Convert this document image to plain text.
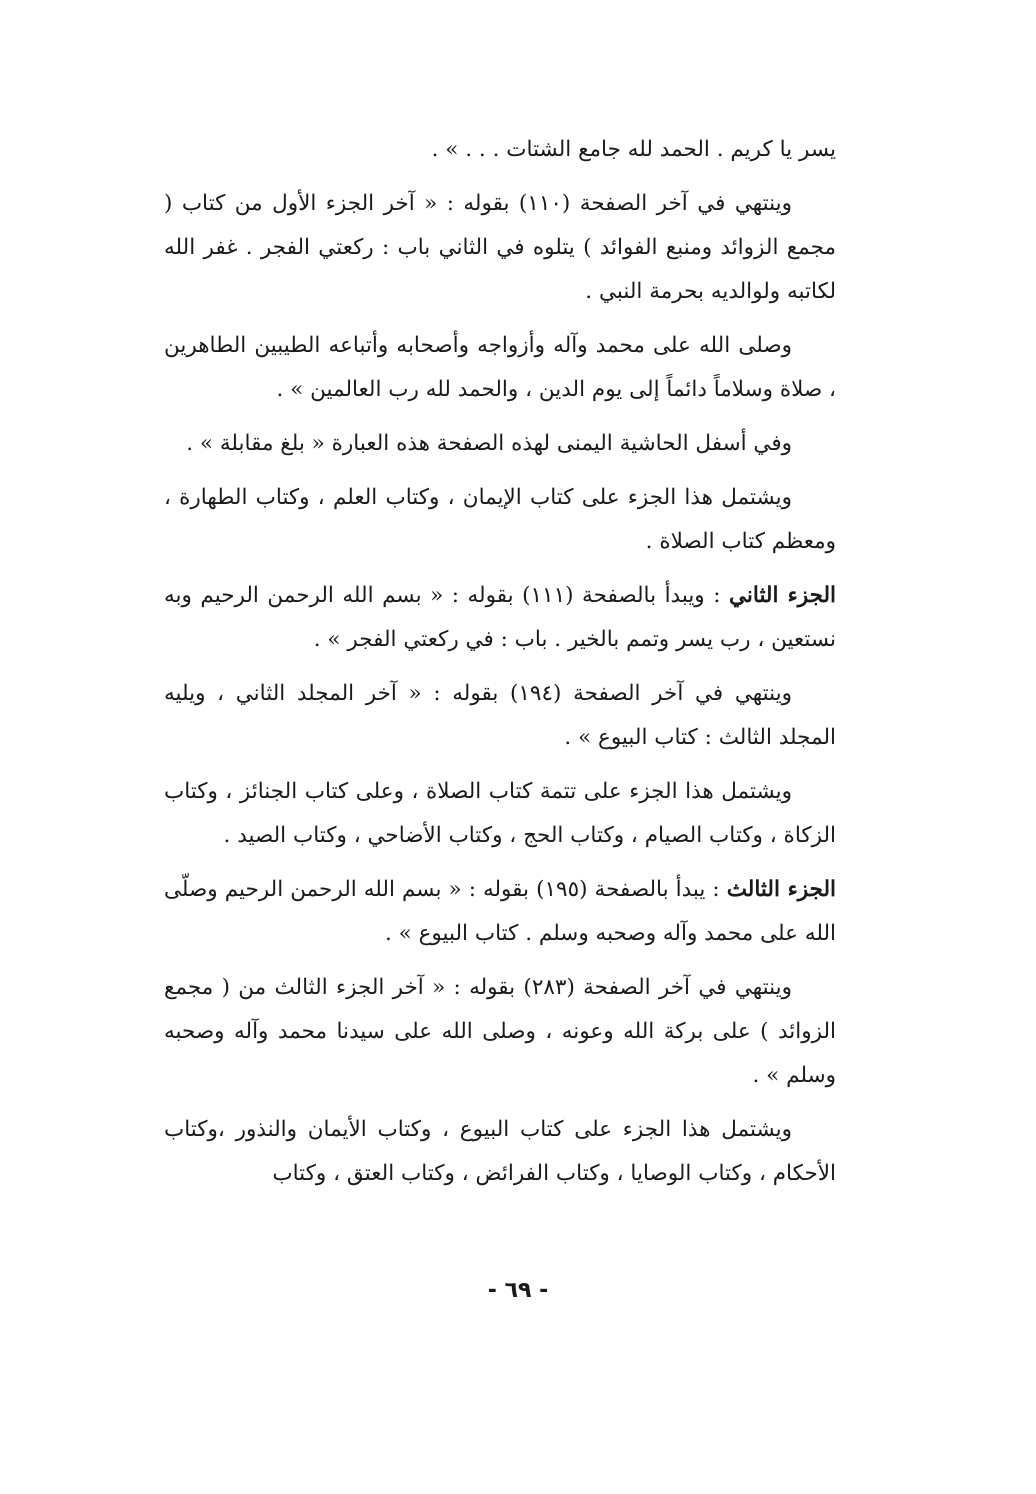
يسر يا كريم . الحمد لله جامع الشتات . . . » .

وينتهي في آخر الصفحة (١١٠) بقوله : « آخر الجزء الأول من كتاب ( مجمع الزوائد ومنبع الفوائد ) يتلوه في الثاني باب : ركعتي الفجر . غفر الله لكاتبه ولوالديه بحرمة النبي .

وصلى الله على محمد وآله وأزواجه وأصحابه وأتباعه الطيبين الطاهرين ، صلاة وسلاماً دائماً إلى يوم الدين ، والحمد لله رب العالمين » .

وفي أسفل الحاشية اليمنى لهذه الصفحة هذه العبارة « بلغ مقابلة » .

ويشتمل هذا الجزء على كتاب الإيمان ، وكتاب العلم ، وكتاب الطهارة ، ومعظم كتاب الصلاة .

الجزء الثاني : ويبدأ بالصفحة (١١١) بقوله : « بسم الله الرحمن الرحيم وبه نستعين ، رب يسر وتمم بالخير . باب : في ركعتي الفجر » .

وينتهي في آخر الصفحة (١٩٤) بقوله : « آخر المجلد الثاني ، ويليه المجلد الثالث : كتاب البيوع » .

ويشتمل هذا الجزء على تتمة كتاب الصلاة ، وعلى كتاب الجنائز ، وكتاب الزكاة ، وكتاب الصيام ، وكتاب الحج ، وكتاب الأضاحي ، وكتاب الصيد .

الجزء الثالث : يبدأ بالصفحة (١٩٥) بقوله : « بسم الله الرحمن الرحيم وصلّى الله على محمد وآله وصحبه وسلم . كتاب البيوع » .

وينتهي في آخر الصفحة (٢٨٣) بقوله : « آخر الجزء الثالث من ( مجمع الزوائد ) على بركة الله وعونه ، وصلى الله على سيدنا محمد وآله وصحبه وسلم » .

ويشتمل هذا الجزء على كتاب البيوع ، وكتاب الأيمان والنذور ،وكتاب الأحكام ، وكتاب الوصايا ، وكتاب الفرائض ، وكتاب العتق ، وكتاب

- ٦٩ -
